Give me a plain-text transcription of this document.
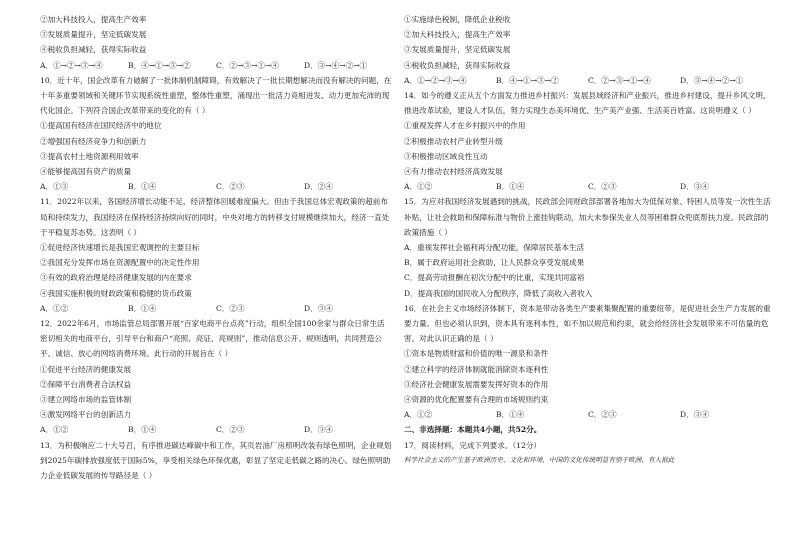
②加大科技投入，提高生产效率
③发展质量提升，坚定低碳发展
④税收负担减轻，获得实际收益
A．①→②→③→④	B．④→①→③→②	C．②→③→①→④	D．③→④→②→①
10．近十年，国企改革有力破解了一批体制机制障碍，有效解决了一批长期想解决而没有解决的问题，在十年多重要领域和关键环节实现系统性重塑，整体性重塑，涌现出一批活力竞相迸发、动力更加充沛的现代化国企。下列符合国企改革带来的变化的有（ ）
①提高国有经济在国民经济中的地位
②增强国有经济竞争力和创新力
③提高农村土地资源利用效率
④能够提高国有资产的质量
A．①③	B．①④	C．②③	D．②④
11．2022年以来，各国经济增长动能不足，经济整体回暖难度偏大。但由于我国总体宏观政策的超前布局和持续发力，我国经济在保持经济持续向好的同时，中央对地方的转移支付规模继续加大，经济一直处于平稳复苏态势。这表明（ ）
①促进经济快速增长是我国宏观调控的主要目标
②我国充分发挥市场在资源配置中的决定性作用
③有效的政府治理是经济健康发展的内在要求
④我国实施积极的财政政策和稳健的货币政策
A．①②	B．①④	C．②③	D．③④
12．2022年6月，市场监管总局部署开展“百家电商平台点亮”行动，组织全国100余家与群众日常生活密切相关的电商平台，引导平台和商户“亮照、亮证、亮规则”，推动信息公开、规则透明，共同营造公平、诚信、放心的网络消费环境。此行动的开展旨在（ ）
①促进平台经济的健康发展
②保障平台消费者合法权益
③建立网络市场的监管体制
④激发网络平台的创新活力
A．①②	B．①④	C．②③	D．③④
13．为积极响应二十大号召，有序推进碳达峰碳中和工作，其页岩油厂房照明改装有绿色照明，企业规划到2025年碳排放强度低于国际5%，享受相关绿色环保优惠，彰显了坚定走低碳之路的决心。绿色照明助力企业低碳发展的传导路径是（ ）
①实施绿色税制，降低企业税收
②加大科技投入，提高生产效率
③发展质量提升，坚定低碳发展
④税收负担减轻，获得实际收益
A．①→②→③→④	B．④→①→③→②	C．②→③→①→④	D．③→④→②→①
14．如今的遵义正从五个方面发力推进乡村振兴：发展县域经济和产业振兴，推进乡村建设，提升乡风文明，推进改革试验，建设人才队伍，努力实现生态美环境优、生产美产业强、生活美百姓富。这说明遵义（ ）
①重视发挥人才在乡村振兴中的作用
②积极推动农村产业转型升级
③积极推动区域良性互动
④有力推动农村经济高效发展
A．①②	B．①④	C．②③	D．③④
15．为应对我国经济发展遇到的挑战，民政部会同财政部部署各地加大为低保对象、特困人员等发一次性生活补贴，让社会救助和保障标准与物价上涨挂钩联动，加大未参保失业人员等困难群众兜底帮扶力度。民政部的政策措施（ ）
A．重视发挥社会福利再分配功能，保障居民基本生活
B．属于政府运用社会救助，让人民群众享受发展成果
C．提高劳动报酬在初次分配中的比重，实现共同富裕
D．提高我国的国民收入分配秩序，降低了高收入者收入
16．在社会主义市场经济体制下，资本是带动各类生产要素集聚配置的重要纽带，是促进社会生产力发展的重要力量。但也必须认识到，资本具有逐利本性，如不加以规范和约束，就会给经济社会发展带来不可估量的危害。对此认识正确的是（ ）
①资本是物质财富和价值的唯一源泉和条件
②建立科学的经济体制就能消除资本逐利性
③经济社会健康发展需要发挥好资本的作用
④资源的优化配置要有合理的市场规则约束
A．①②	B．①④	C．②③	D．③④
二、非选择题：本题共4小题，共52分。
17．阅读材料，完成下列要求。（12分）
科学社会主义的产生基于欧洲历史、文化和环境，中国的文化传统明显有别于欧洲，有人据此
